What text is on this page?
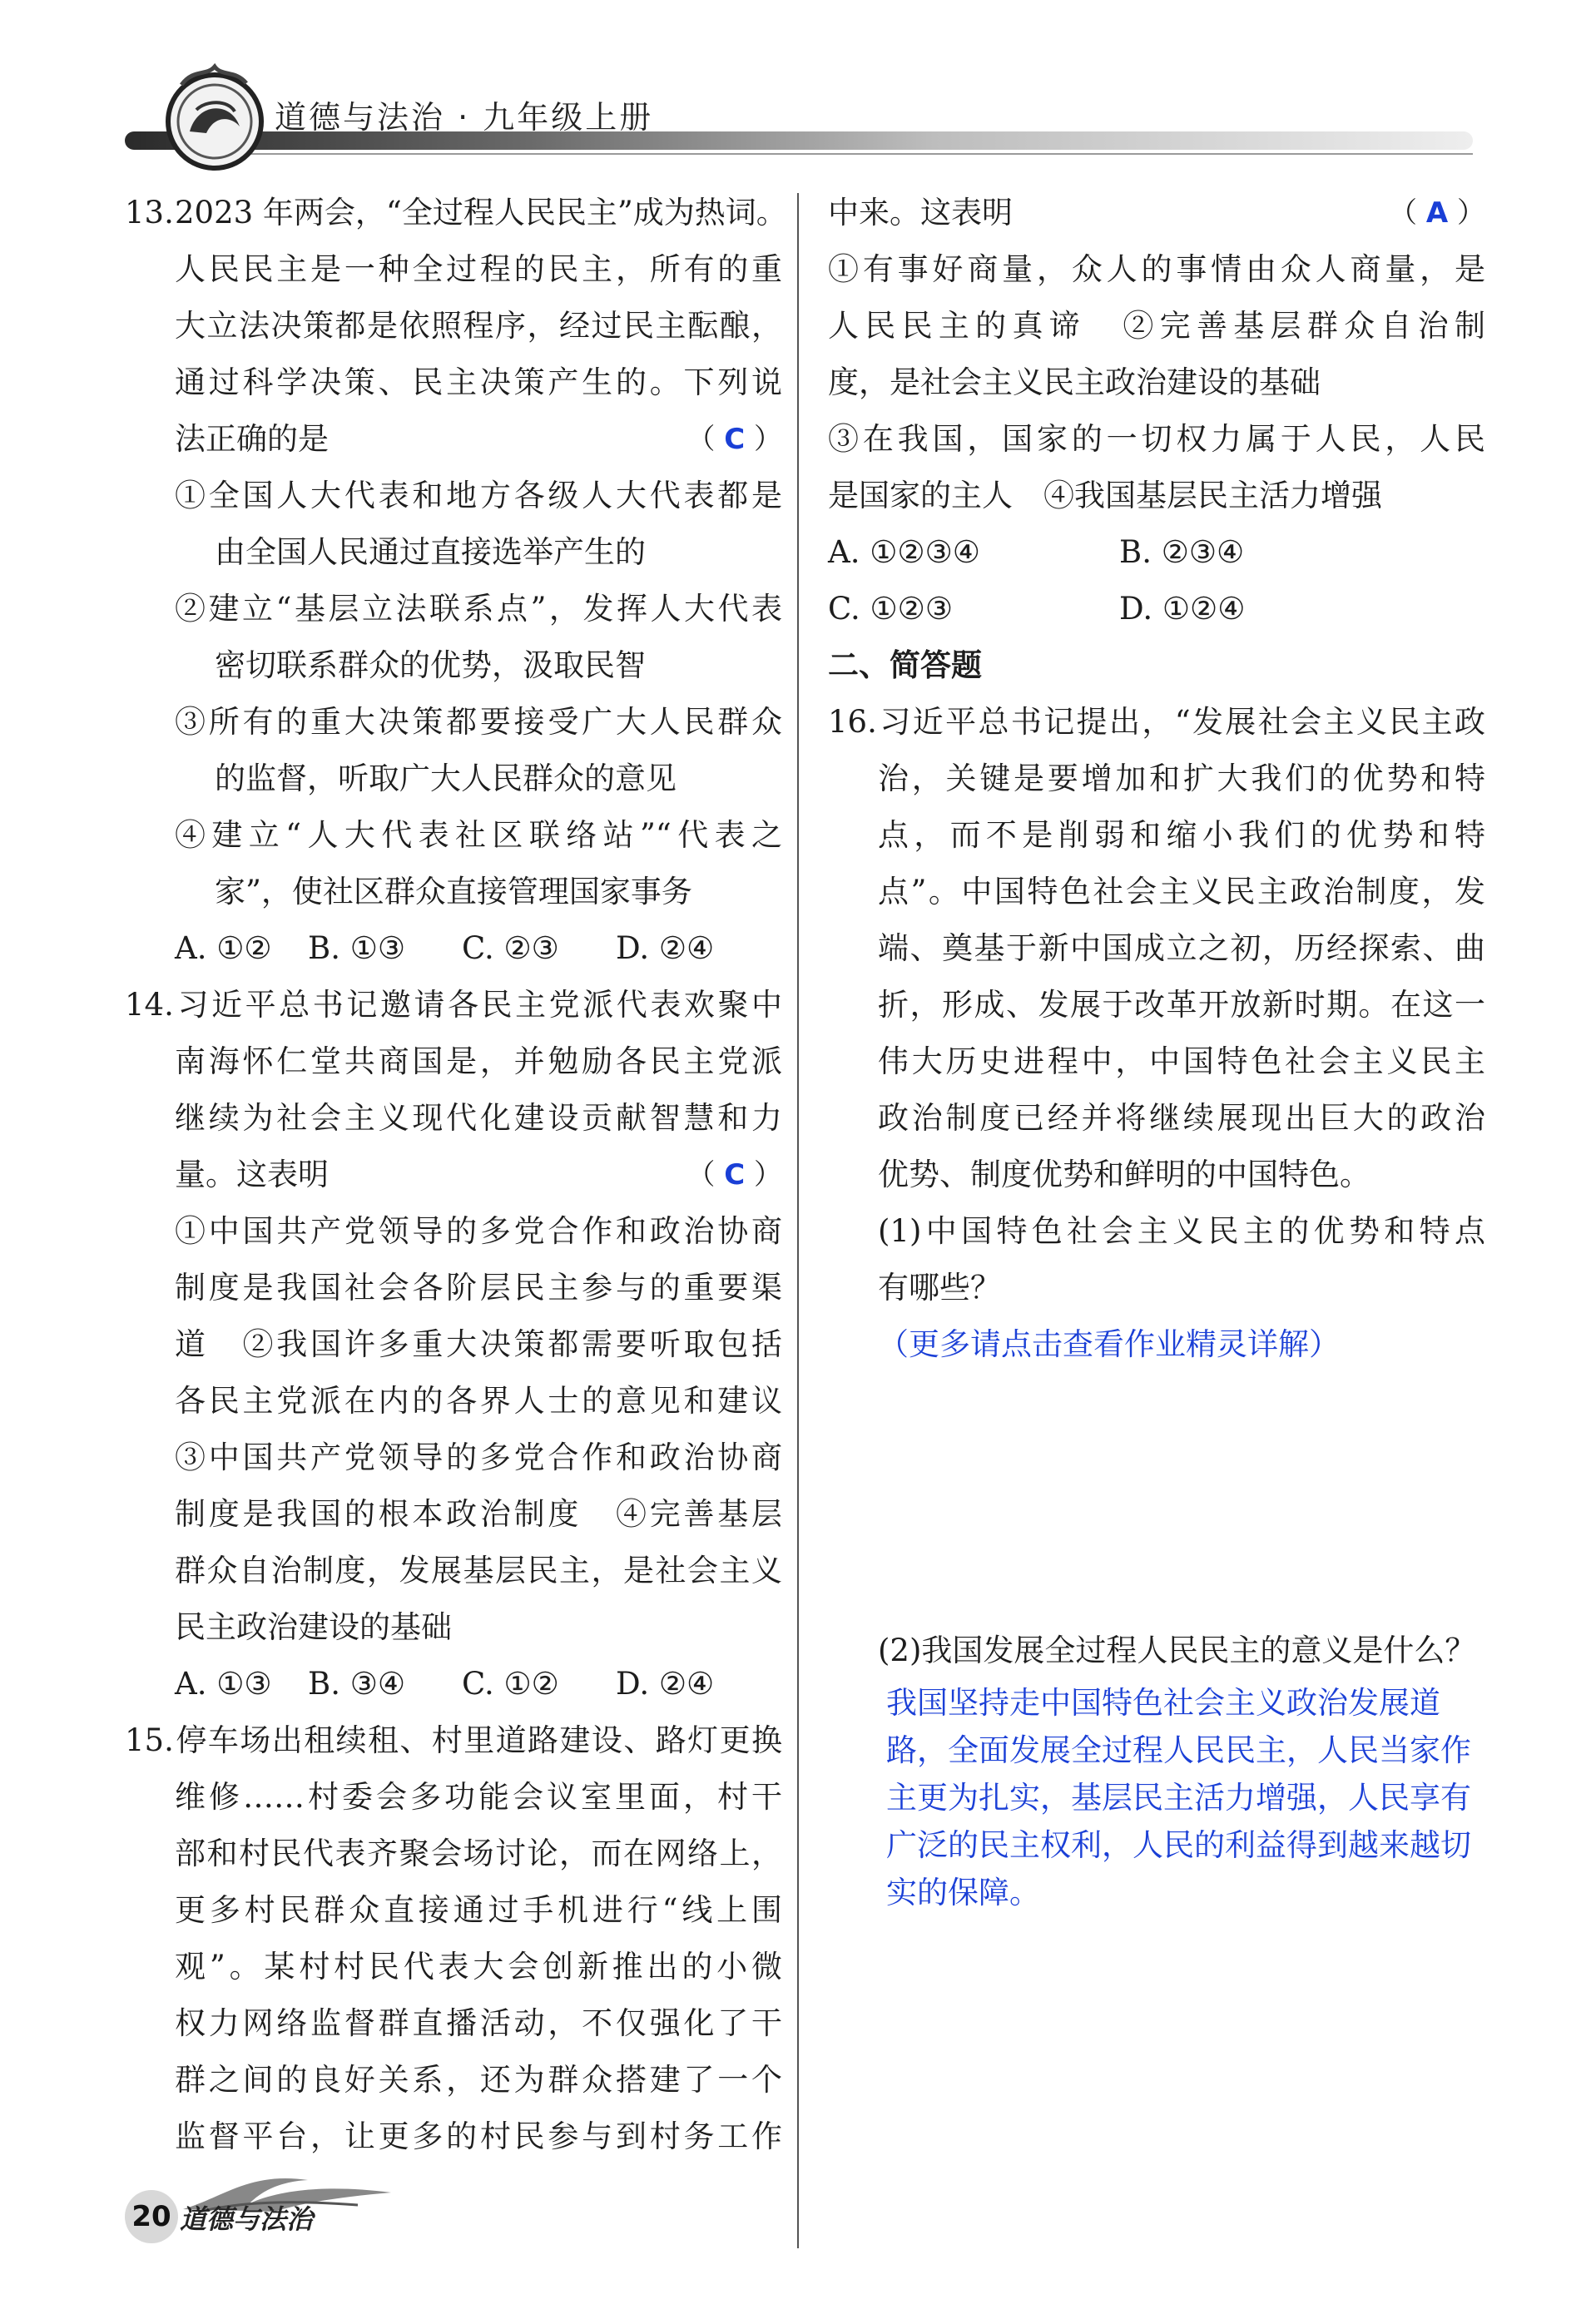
道德与法治 · 九年级上册
13.2023 年两会，“全过程人民民主”成为热词。
人民民主是一种全过程的民主，所有的重
大立法决策都是依照程序，经过民主酝酿，
通过科学决策、民主决策产生的。下列说
法正确的是	（ C ）
①全国人大代表和地方各级人大代表都是
由全国人民通过直接选举产生的
②建立“基层立法联系点”，发挥人大代表
密切联系群众的优势，汲取民智
③所有的重大决策都要接受广大人民群众
的监督，听取广大人民群众的意见
④建立“人大代表社区联络站”“代表之
家”，使社区群众直接管理国家事务
A. ①② B. ①③ C. ②③ D. ②④
14.习近平总书记邀请各民主党派代表欢聚中
南海怀仁堂共商国是，并勉励各民主党派
继续为社会主义现代化建设贡献智慧和力
量。这表明	（ C ）
①中国共产党领导的多党合作和政治协商
制度是我国社会各阶层民主参与的重要渠
道　②我国许多重大决策都需要听取包括
各民主党派在内的各界人士的意见和建议
③中国共产党领导的多党合作和政治协商
制度是我国的根本政治制度　④完善基层
群众自治制度，发展基层民主，是社会主义
民主政治建设的基础
A. ①③ B. ③④ C. ①② D. ②④
15.停车场出租续租、村里道路建设、路灯更换
维修……村委会多功能会议室里面，村干
部和村民代表齐聚会场讨论，而在网络上，
更多村民群众直接通过手机进行“线上围
观”。某村村民代表大会创新推出的小微
权力网络监督群直播活动，不仅强化了干
群之间的良好关系，还为群众搭建了一个
监督平台，让更多的村民参与到村务工作
中来。这表明	（ A ）
①有事好商量，众人的事情由众人商量，是
人民民主的真谛　②完善基层群众自治制
度，是社会主义民主政治建设的基础
③在我国，国家的一切权力属于人民，人民
是国家的主人　④我国基层民主活力增强
A. ①②③④	B. ②③④
C. ①②③	D. ①②④
二、简答题
16.习近平总书记提出，“发展社会主义民主政
治，关键是要增加和扩大我们的优势和特
点，而不是削弱和缩小我们的优势和特
点”。中国特色社会主义民主政治制度，发
端、奠基于新中国成立之初，历经探索、曲
折，形成、发展于改革开放新时期。在这一
伟大历史进程中，中国特色社会主义民主
政治制度已经并将继续展现出巨大的政治
优势、制度优势和鲜明的中国特色。
(1)中国特色社会主义民主的优势和特点
有哪些？
（更多请点击查看作业精灵详解）
(2)我国发展全过程人民民主的意义是什么？
我国坚持走中国特色社会主义政治发展道路，全面发展全过程人民民主，人民当家作主更为扎实，基层民主活力增强，人民享有广泛的民主权利，人民的利益得到越来越切实的保障。
20 道德与法治
